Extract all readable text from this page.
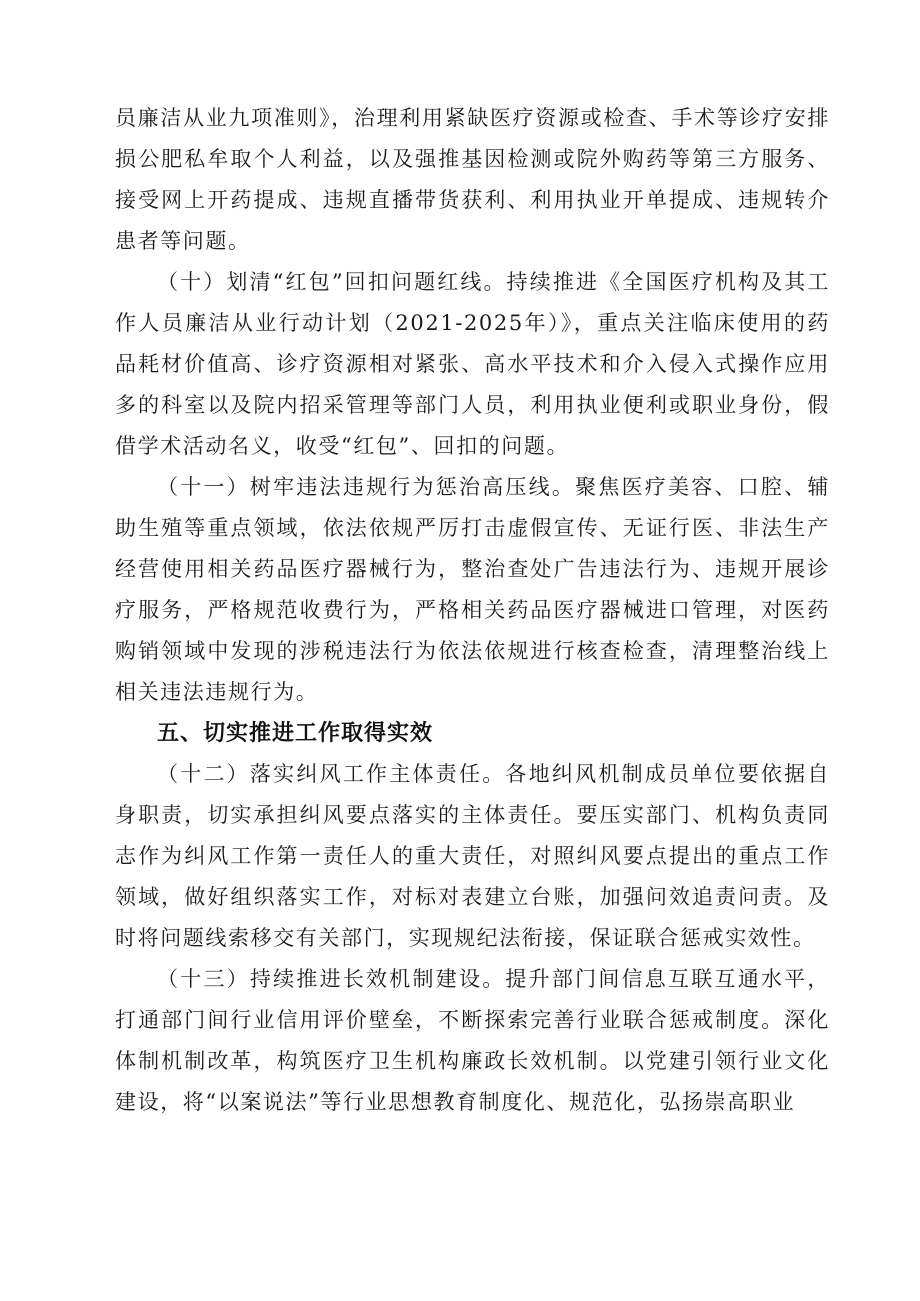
员廉洁从业九项准则》，治理利用紧缺医疗资源或检查、手术等诊疗安排损公肥私牟取个人利益，以及强推基因检测或院外购药等第三方服务、接受网上开药提成、违规直播带货获利、利用执业开单提成、违规转介患者等问题。

（十）划清“红包”回扣问题红线。持续推进《全国医疗机构及其工作人员廉洁从业行动计划（2021-2025年）》，重点关注临床使用的药品耗材价值高、诊疗资源相对紧张、高水平技术和介入侵入式操作应用多的科室以及院内招采管理等部门人员，利用执业便利或职业身份，假借学术活动名义，收受“红包”、回扣的问题。

（十一）树牢违法违规行为惩治高压线。聚焦医疗美容、口腔、辅助生殖等重点领域，依法依规严厉打击虚假宣传、无证行医、非法生产经营使用相关药品医疗器械行为，整治查处广告违法行为、违规开展诊疗服务，严格规范收费行为，严格相关药品医疗器械进口管理，对医药购销领域中发现的涉税违法行为依法依规进行核查检查，清理整治线上相关违法违规行为。

五、切实推进工作取得实效

（十二）落实纠风工作主体责任。各地纠风机制成员单位要依据自身职责，切实承担纠风要点落实的主体责任。要压实部门、机构负责同志作为纠风工作第一责任人的重大责任，对照纠风要点提出的重点工作领域，做好组织落实工作，对标对表建立台账，加强问效追责问责。及时将问题线索移交有关部门，实现规纪法衔接，保证联合惩戒实效性。

（十三）持续推进长效机制建设。提升部门间信息互联互通水平，打通部门间行业信用评价壁垒，不断探索完善行业联合惩戒制度。深化体制机制改革，构筑医疗卫生机构廉政长效机制。以党建引领行业文化建设，将“以案说法”等行业思想教育制度化、规范化，弘扬崇高职业
